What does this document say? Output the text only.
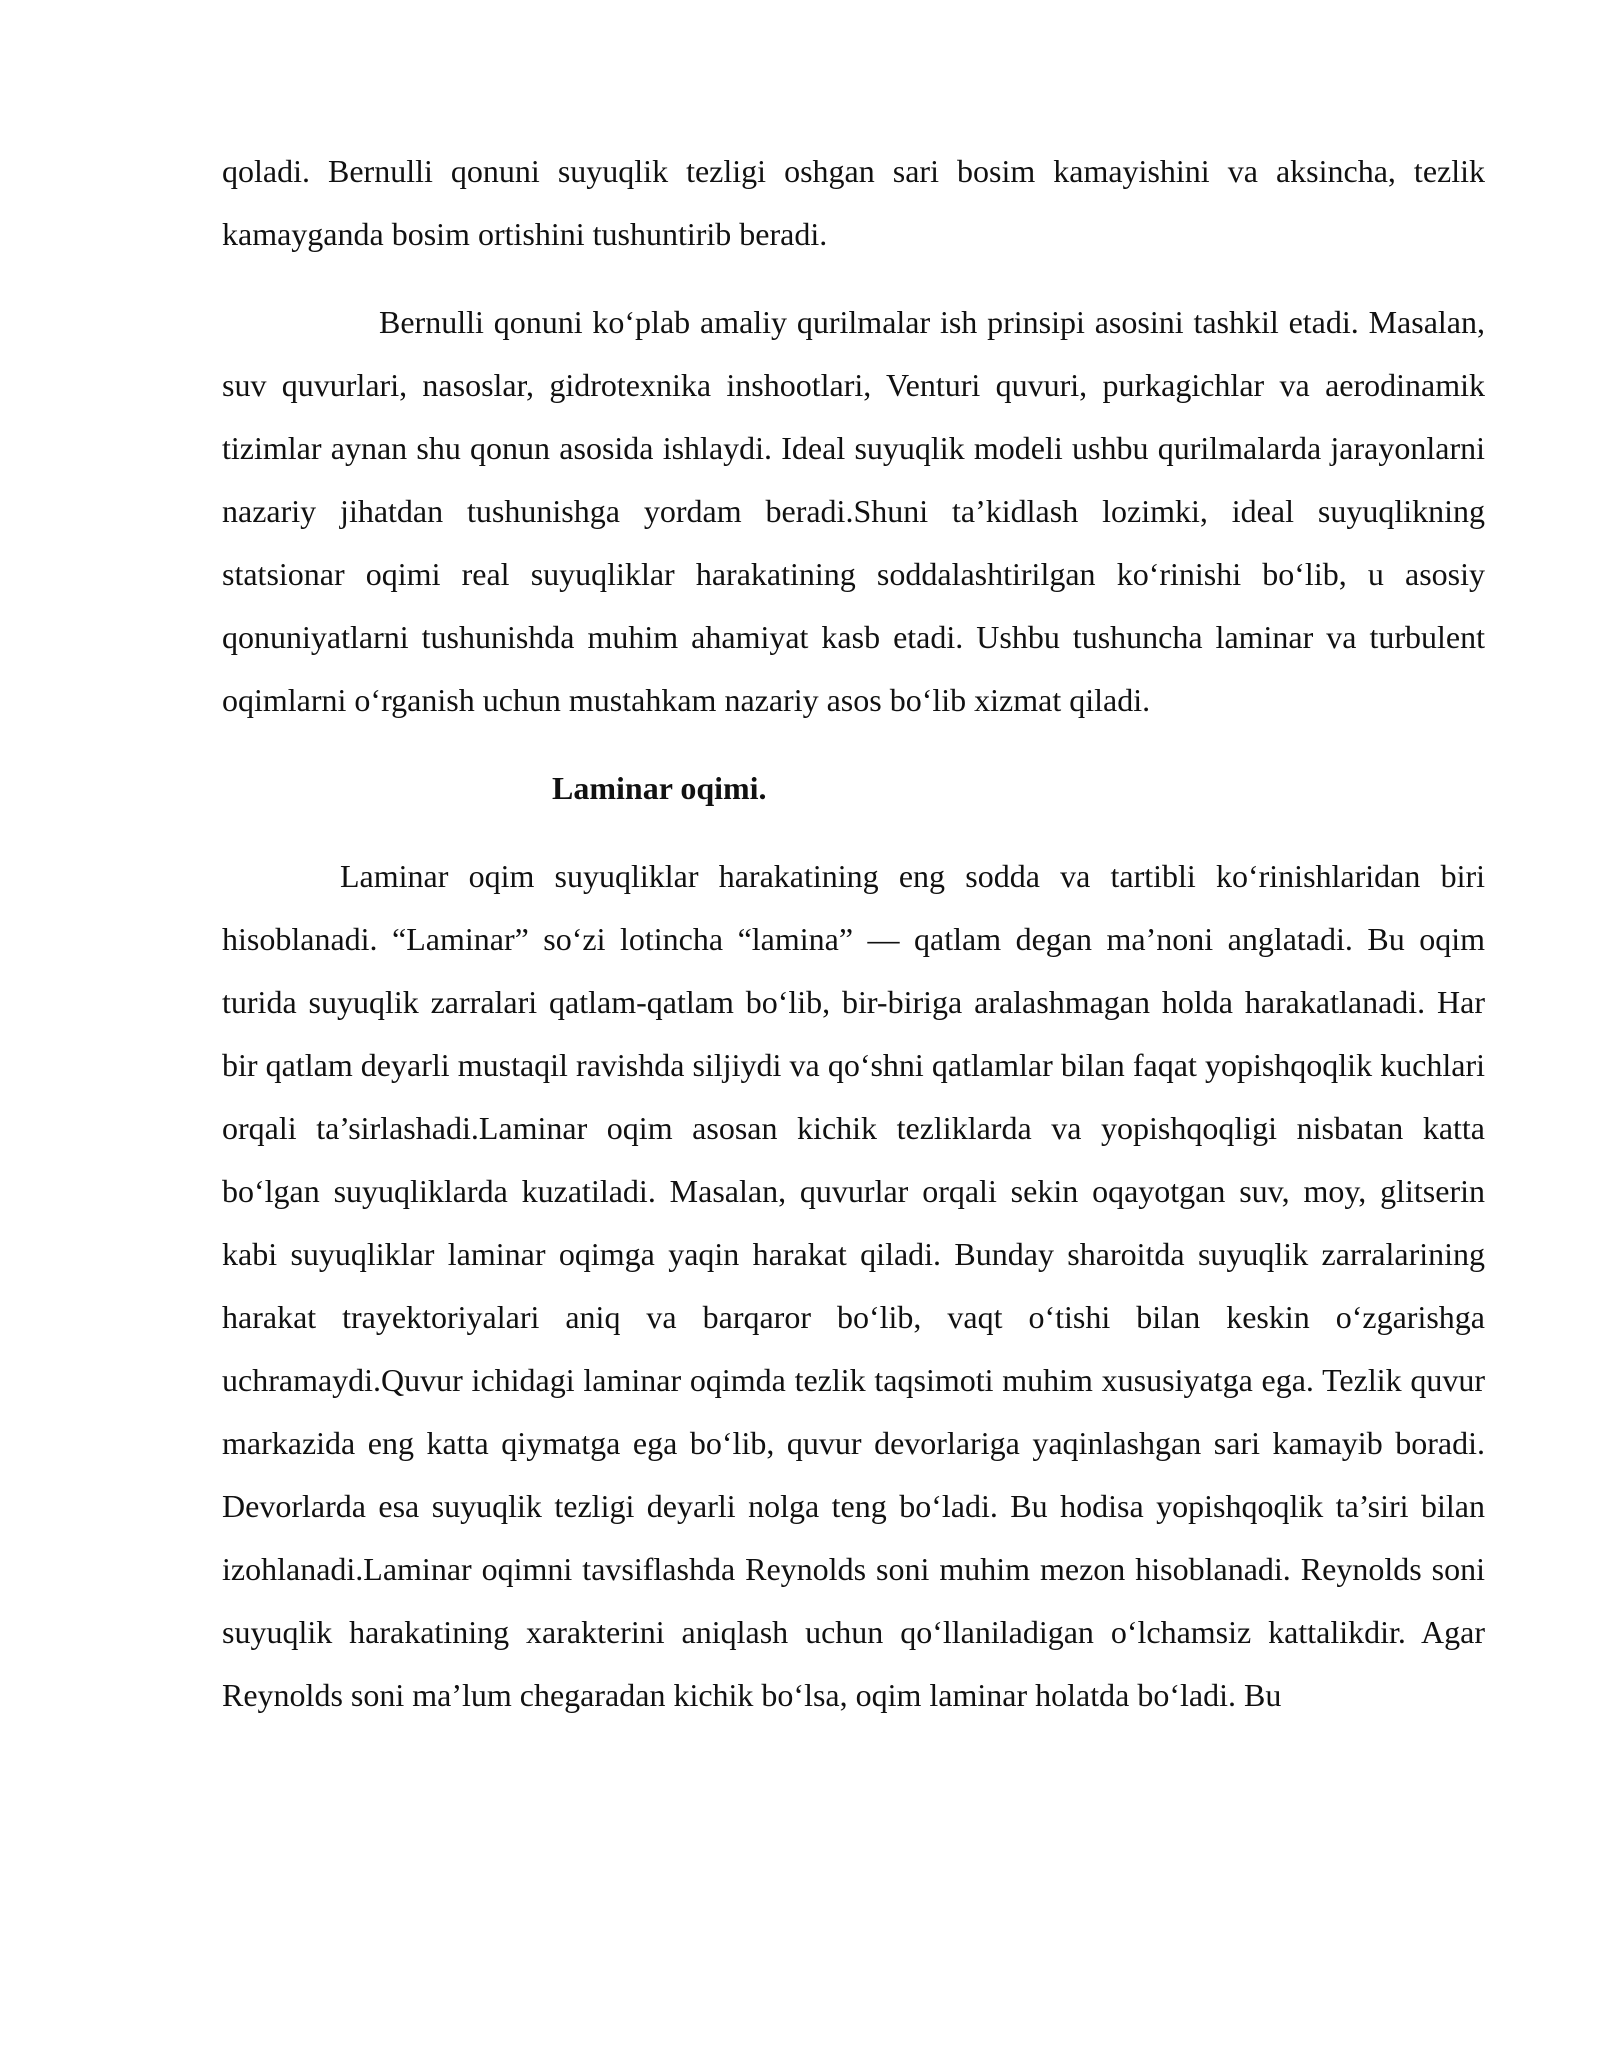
qoladi. Bernulli qonuni suyuqlik tezligi oshgan sari bosim kamayishini va aksincha, tezlik kamayganda bosim ortishini tushuntirib beradi.

Bernulli qonuni ko‘plab amaliy qurilmalar ish prinsipi asosini tashkil etadi. Masalan, suv quvurlari, nasoslar, gidrotexnika inshootlari, Venturi quvuri, purkagichlar va aerodinamik tizimlar aynan shu qonun asosida ishlaydi. Ideal suyuqlik modeli ushbu qurilmalarda jarayonlarni nazariy jihatdan tushunishga yordam beradi.Shuni ta’kidlash lozimki, ideal suyuqlikning statsionar oqimi real suyuqliklar harakatining soddalashtirilgan ko‘rinishi bo‘lib, u asosiy qonuniyatlarni tushunishda muhim ahamiyat kasb etadi. Ushbu tushuncha laminar va turbulent oqimlarni o‘rganish uchun mustahkam nazariy asos bo‘lib xizmat qiladi.

Laminar oqimi.

Laminar oqim suyuqliklar harakatining eng sodda va tartibli ko‘rinishlaridan biri hisoblanadi. “Laminar” so‘zi lotincha “lamina” — qatlam degan ma’noni anglatadi. Bu oqim turida suyuqlik zarralari qatlam-qatlam bo‘lib, bir-biriga aralashmagan holda harakatlanadi. Har bir qatlam deyarli mustaqil ravishda siljiydi va qo‘shni qatlamlar bilan faqat yopishqoqlik kuchlari orqali ta’sirlashadi.Laminar oqim asosan kichik tezliklarda va yopishqoqligi nisbatan katta bo‘lgan suyuqliklarda kuzatiladi. Masalan, quvurlar orqali sekin oqayotgan suv, moy, glitserin kabi suyuqliklar laminar oqimga yaqin harakat qiladi. Bunday sharoitda suyuqlik zarralarining harakat trayektoriyalari aniq va barqaror bo‘lib, vaqt o‘tishi bilan keskin o‘zgarishga uchramaydi.Quvur ichidagi laminar oqimda tezlik taqsimoti muhim xususiyatga ega. Tezlik quvur markazida eng katta qiymatga ega bo‘lib, quvur devorlariga yaqinlashgan sari kamayib boradi. Devorlarda esa suyuqlik tezligi deyarli nolga teng bo‘ladi. Bu hodisa yopishqoqlik ta’siri bilan izohlanadi.Laminar oqimni tavsiflashda Reynolds soni muhim mezon hisoblanadi. Reynolds soni suyuqlik harakatining xarakterini aniqlash uchun qo‘llaniladigan o‘lchamsiz kattalikdir. Agar Reynolds soni ma’lum chegaradan kichik bo‘lsa, oqim laminar holatda bo‘ladi. Bu
